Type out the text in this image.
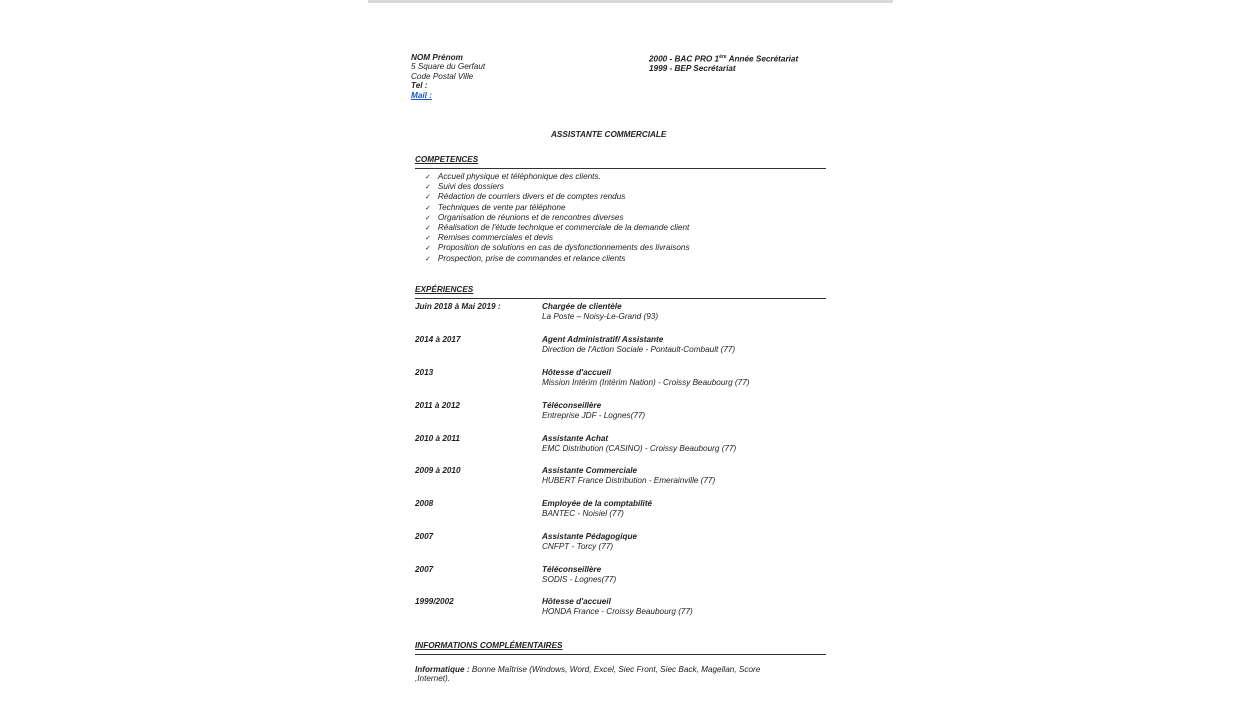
NOM Prénom
5 Square du Gerfaut
Code Postal Ville
Tel :
Mail :
2000 - BAC PRO 1ère Année Secrétariat
1999 - BEP Secrétariat
ASSISTANTE COMMERCIALE
COMPETENCES
✓ Accueil physique et téléphonique des clients.
✓ Suivi des dossiers
✓ Rédaction de courriers divers et de comptes rendus
✓ Techniques de vente par téléphone
✓ Organisation de réunions et de rencontres diverses
✓ Réalisation de l'étude technique et commerciale de la demande client
✓ Remises commerciales et devis
✓ Proposition de solutions en cas de dysfonctionnements des livraisons
✓ Prospection, prise de commandes et relance clients
EXPÉRIENCES
Juin 2018 à Mai 2019 :	Chargée de clientèle
La Poste – Noisy-Le-Grand (93)
2014 à 2017	Agent Administratif/ Assistante
Direction de l'Action Sociale - Pontault-Combault (77)
2013	Hôtesse d'accueil
Mission Intérim (Intérim Nation) - Croissy Beaubourg (77)
2011 à 2012	Téléconseillère
Entreprise JDF - Lognes(77)
2010 à 2011	Assistante Achat
EMC Distribution (CASINO) - Croissy Beaubourg (77)
2009 à 2010	Assistante Commerciale
HUBERT France Distribution - Emerainville (77)
2008	Employée de la comptabilité
BANTEC - Noisiel (77)
2007	Assistante Pédagogique
CNFPT - Torcy (77)
2007	Téléconseillère
SODIS - Lognes(77)
1999/2002	Hôtesse d'accueil
HONDA France - Croissy Beaubourg (77)
INFORMATIONS COMPLÉMENTAIRES
Informatique : Bonne Maîtrise (Windows, Word, Excel, Siec Front, Siec Back, Magellan, Score
,Internet).
